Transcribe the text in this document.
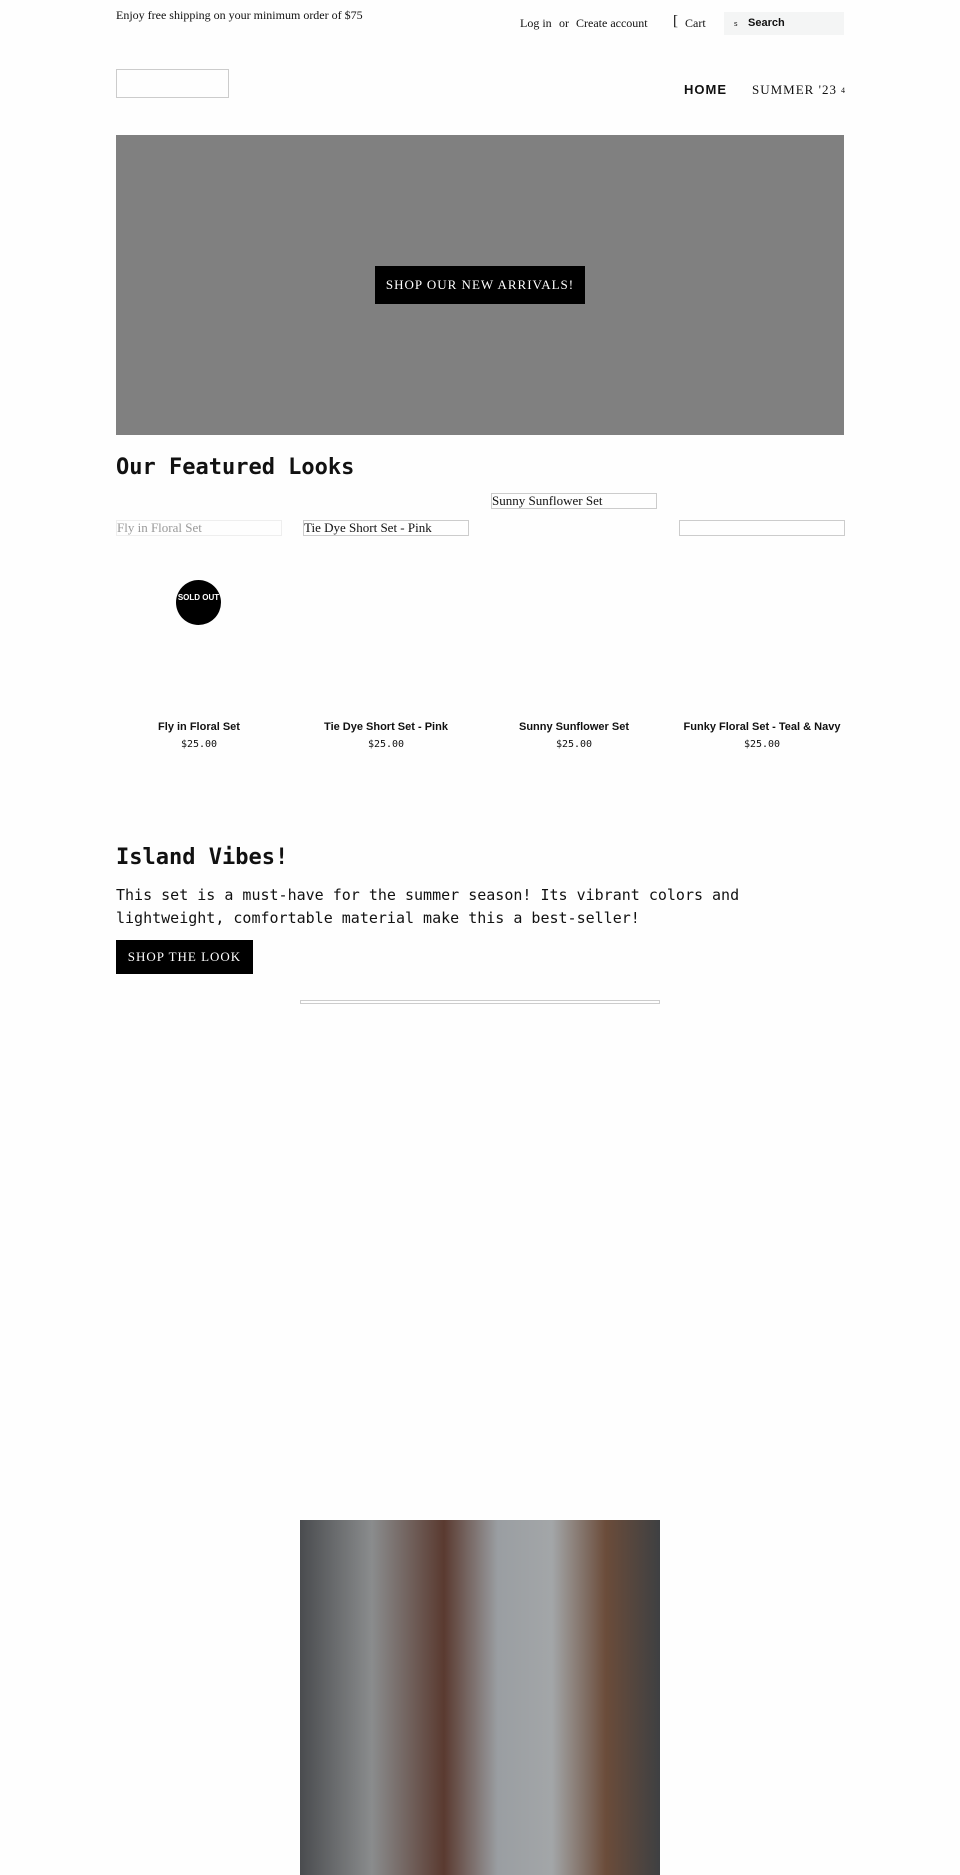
Enjoy free shipping on your minimum order of $75
Log in or Create account [ Cart	s Search
HOME SUMMER '23 4
SHOP OUR NEW ARRIVALS!
Our Featured Looks
Fly in Floral Set	Tie Dye Short Set - Pink
Sunny Sunflower Set
SOLD OUT
Fly in Floral Set	Tie Dye Short Set - Pink	Sunny Sunflower Set	Funky Floral Set - Teal & Navy
$25.00	$25.00	$25.00	$25.00
Island Vibes!

This set is a must-have for the summer season! Its vibrant colors and lightweight, comfortable material make this a best-seller!

SHOP THE LOOK
